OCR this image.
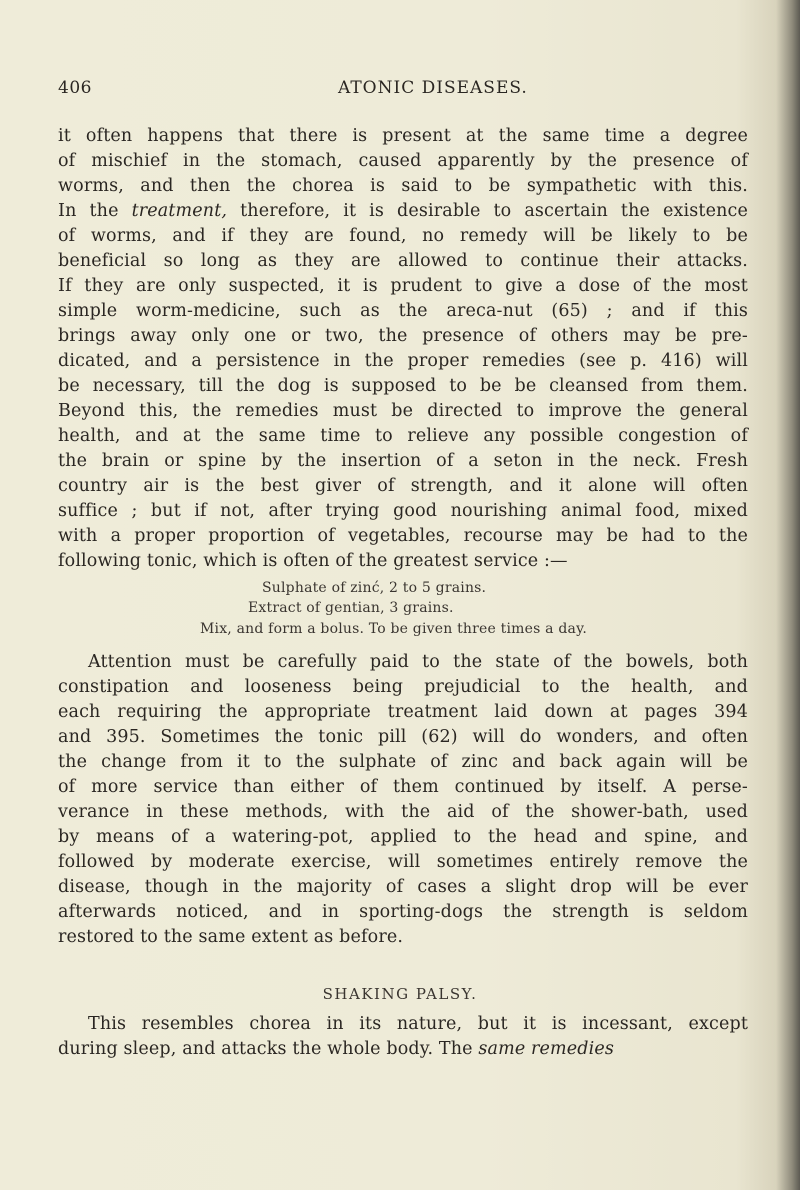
406	ATONIC DISEASES.
it often happens that there is present at the same time a degree
of mischief in the stomach, caused apparently by the presence of
worms, and then the chorea is said to be sympathetic with this.
In the treatment, therefore, it is desirable to ascertain the existence
of worms, and if they are found, no remedy will be likely to be
beneficial so long as they are allowed to continue their attacks.
If they are only suspected, it is prudent to give a dose of the most
simple worm-medicine, such as the areca-nut (65) ; and if this
brings away only one or two, the presence of others may be pre-
dicated, and a persistence in the proper remedies (see p. 416) will
be necessary, till the dog is supposed to be be cleansed from them.
Beyond this, the remedies must be directed to improve the general
health, and at the same time to relieve any possible congestion of
the brain or spine by the insertion of a seton in the neck. Fresh
country air is the best giver of strength, and it alone will often
suffice ; but if not, after trying good nourishing animal food, mixed
with a proper proportion of vegetables, recourse may be had to the
following tonic, which is often of the greatest service :—
Sulphate of zinć, 2 to 5 grains.
Extract of gentian, 3 grains.
Mix, and form a bolus. To be given three times a day.
Attention must be carefully paid to the state of the bowels, both
constipation and looseness being prejudicial to the health, and
each requiring the appropriate treatment laid down at pages 394
and 395. Sometimes the tonic pill (62) will do wonders, and often
the change from it to the sulphate of zinc and back again will be
of more service than either of them continued by itself. A perse-
verance in these methods, with the aid of the shower-bath, used
by means of a watering-pot, applied to the head and spine, and
followed by moderate exercise, will sometimes entirely remove the
disease, though in the majority of cases a slight drop will be ever
afterwards noticed, and in sporting-dogs the strength is seldom
restored to the same extent as before.
SHAKING PALSY.
This resembles chorea in its nature, but it is incessant, except
during sleep, and attacks the whole body. The same remedies
